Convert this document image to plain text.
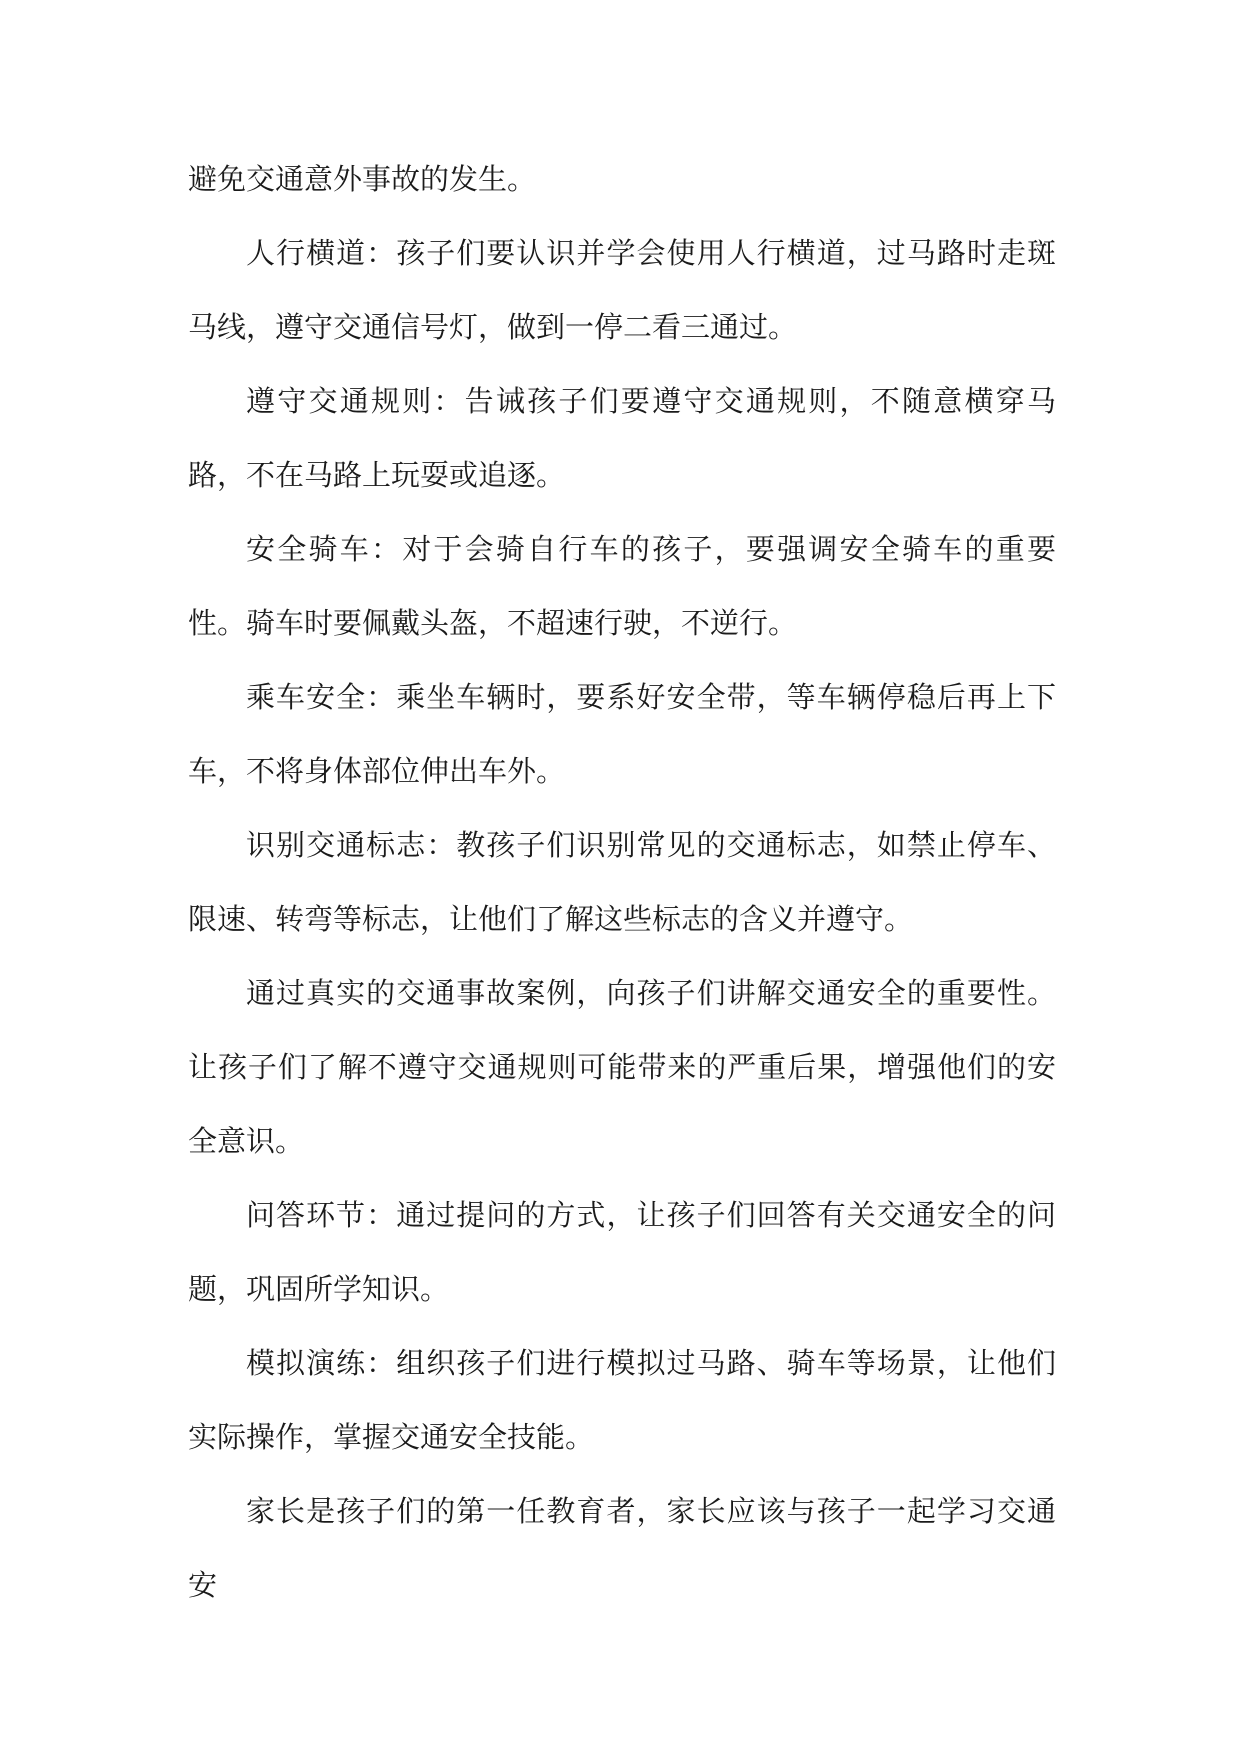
避免交通意外事故的发生。

人行横道：孩子们要认识并学会使用人行横道，过马路时走斑马线，遵守交通信号灯，做到一停二看三通过。

遵守交通规则：告诫孩子们要遵守交通规则，不随意横穿马路，不在马路上玩耍或追逐。

安全骑车：对于会骑自行车的孩子，要强调安全骑车的重要性。骑车时要佩戴头盔，不超速行驶，不逆行。

乘车安全：乘坐车辆时，要系好安全带，等车辆停稳后再上下车，不将身体部位伸出车外。

识别交通标志：教孩子们识别常见的交通标志，如禁止停车、限速、转弯等标志，让他们了解这些标志的含义并遵守。

通过真实的交通事故案例，向孩子们讲解交通安全的重要性。让孩子们了解不遵守交通规则可能带来的严重后果，增强他们的安全意识。

问答环节：通过提问的方式，让孩子们回答有关交通安全的问题，巩固所学知识。

模拟演练：组织孩子们进行模拟过马路、骑车等场景，让他们实际操作，掌握交通安全技能。

家长是孩子们的第一任教育者，家长应该与孩子一起学习交通安
